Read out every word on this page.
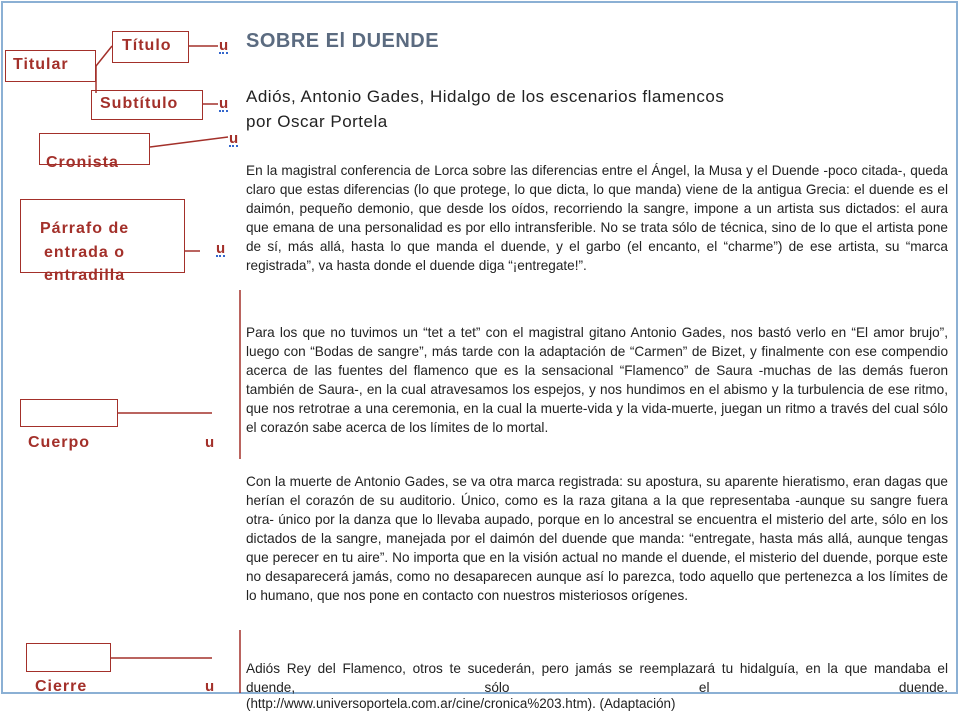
Titular
Título	u
Subtítulo	u
Cronista
u
Párrafo de
entrada o
entradilla
u
Cuerpo	u
Cierre	u
SOBRE El DUENDE
Adiós, Antonio Gades, Hidalgo de los escenarios flamencos
por Oscar Portela
En la magistral conferencia de Lorca sobre las diferencias entre el Ángel, la Musa y el Duende -poco citada-, queda claro que estas diferencias (lo que protege, lo que dicta, lo que manda) viene de la antigua Grecia: el duende es el daimón, pequeño demonio, que desde los oídos, recorriendo la sangre, impone a un artista sus dictados: el aura que emana de una personalidad es por ello intransferible. No se trata sólo de técnica, sino de lo que el artista pone de sí, más allá, hasta lo que manda el duende, y el garbo (el encanto, el “charme”) de ese artista, su “marca registrada”, va hasta donde el duende diga “¡entregate!”.
Para los que no tuvimos un “tet a tet” con el magistral gitano Antonio Gades, nos bastó verlo en “El amor brujo”, luego con “Bodas de sangre”, más tarde con la adaptación de “Carmen” de Bizet, y finalmente con ese compendio acerca de las fuentes del flamenco que es la sensacional “Flamenco” de Saura -muchas de las demás fueron también de Saura-, en la cual atravesamos los espejos, y nos hundimos en el abismo y la turbulencia de ese ritmo, que nos retrotrae a una ceremonia, en la cual la muerte-vida y la vida-muerte, juegan un ritmo a través del cual sólo el corazón sabe acerca de los límites de lo mortal.
Con la muerte de Antonio Gades, se va otra marca registrada: su apostura, su aparente hieratismo, eran dagas que herían el corazón de su auditorio. Único, como es la raza gitana a la que representaba -aunque su sangre fuera otra- único por la danza que lo llevaba aupado, porque en lo ancestral se encuentra el misterio del arte, sólo en los dictados de la sangre, manejada por el daimón del duende que manda: “entregate, hasta más allá, aunque tengas que perecer en tu aire”. No importa que en la visión actual no mande el duende, el misterio del duende, porque este no desaparecerá jamás, como no desaparecen aunque así lo parezca, todo aquello que pertenezca a los límites de lo humano, que nos pone en contacto con nuestros misteriosos orígenes.
Adiós Rey del Flamenco, otros te sucederán, pero jamás se reemplazará tu hidalguía, en la que mandaba el duende, sólo el duende.
(http://www.universoportela.com.ar/cine/cronica%203.htm). (Adaptación)
